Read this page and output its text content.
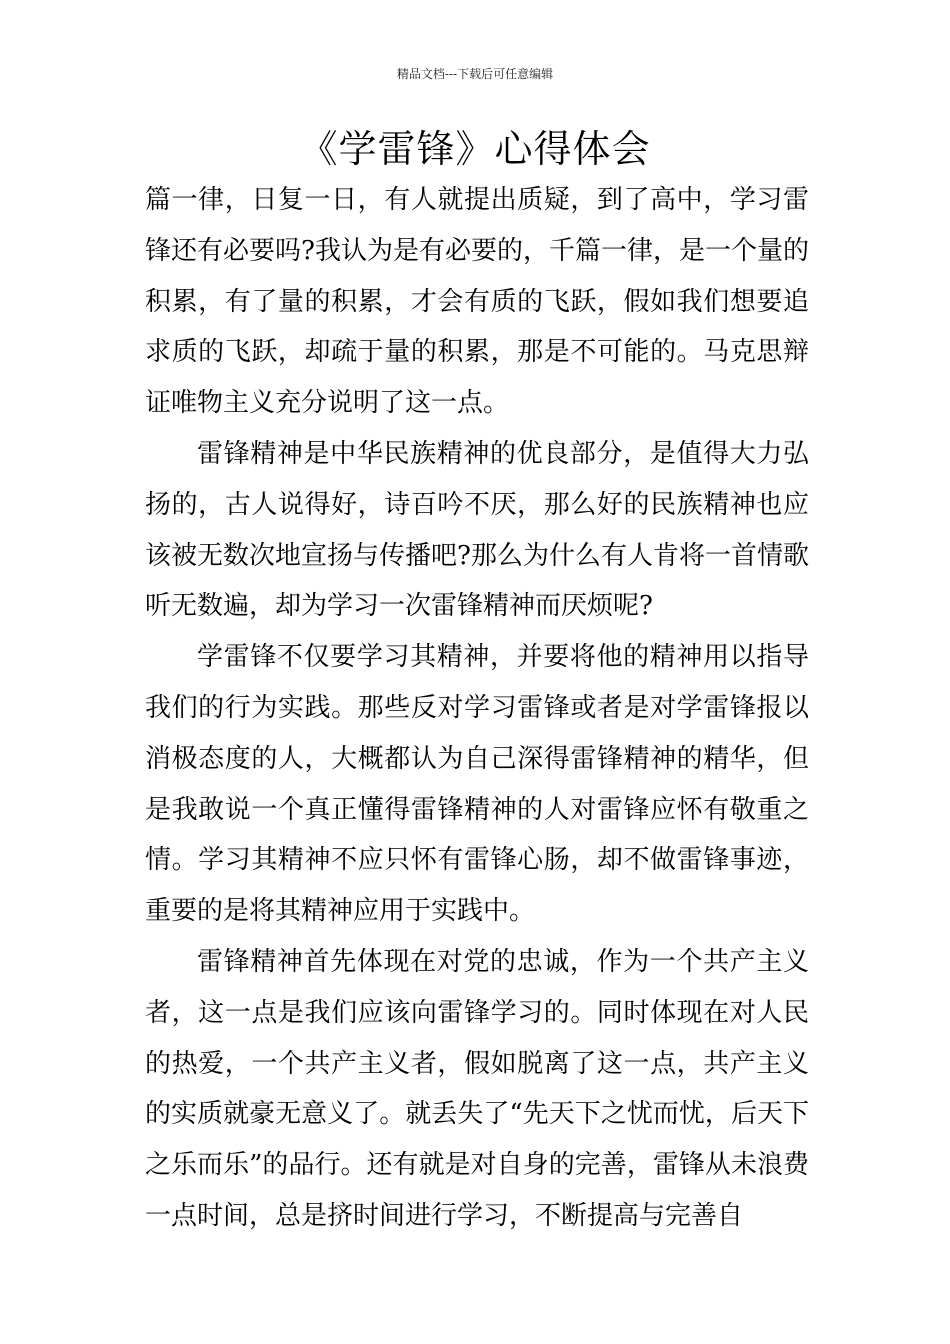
精品文档---下载后可任意编辑
《学雷锋》心得体会

篇一律，日复一日，有人就提出质疑，到了高中，学习雷锋还有必要吗?我认为是有必要的，千篇一律，是一个量的积累，有了量的积累，才会有质的飞跃，假如我们想要追求质的飞跃，却疏于量的积累，那是不可能的。马克思辩证唯物主义充分说明了这一点。

雷锋精神是中华民族精神的优良部分，是值得大力弘扬的，古人说得好，诗百吟不厌，那么好的民族精神也应该被无数次地宣扬与传播吧?那么为什么有人肯将一首情歌听无数遍，却为学习一次雷锋精神而厌烦呢?

学雷锋不仅要学习其精神，并要将他的精神用以指导我们的行为实践。那些反对学习雷锋或者是对学雷锋报以消极态度的人，大概都认为自己深得雷锋精神的精华，但是我敢说一个真正懂得雷锋精神的人对雷锋应怀有敬重之情。学习其精神不应只怀有雷锋心肠，却不做雷锋事迹，重要的是将其精神应用于实践中。

雷锋精神首先体现在对党的忠诚，作为一个共产主义者，这一点是我们应该向雷锋学习的。同时体现在对人民的热爱，一个共产主义者，假如脱离了这一点，共产主义的实质就豪无意义了。就丢失了“先天下之忧而忧，后天下之乐而乐”的品行。还有就是对自身的完善，雷锋从未浪费一点时间，总是挤时间进行学习，不断提高与完善自
